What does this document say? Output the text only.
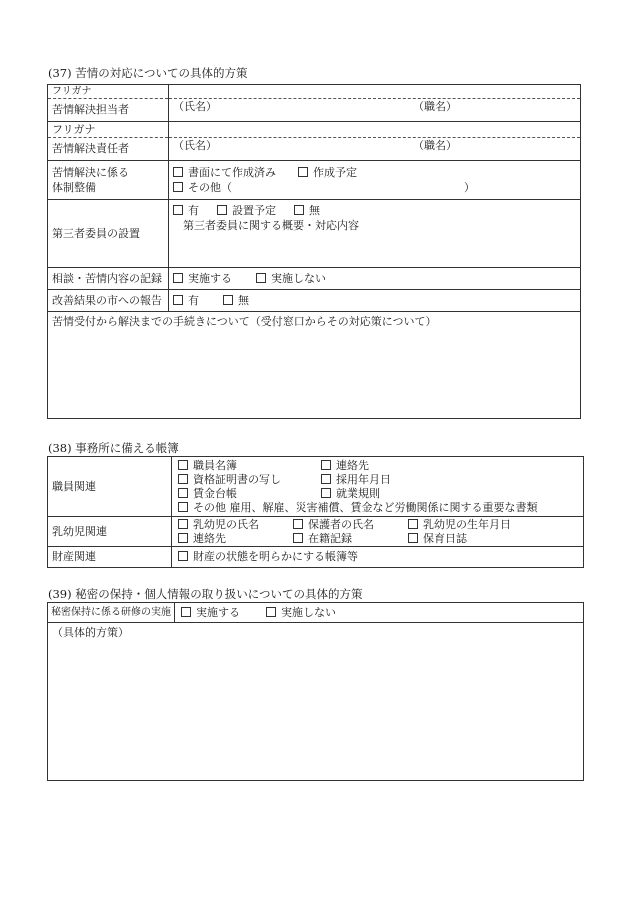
(37) 苦情の対応についての具体的方策
フリガナ	
苦情解決担当者	（氏名） （職名）
フリガナ	
苦情解決責任者	（氏名） （職名）

苦情解決に係る
体制整備	書面にて作成済み 作成予定
その他（ ）

第三者委員の設置	有 設置予定 無
第三者委員に関する概要・対応内容

相談・苦情内容の記録	実施する 実施しない
改善結果の市への報告	有 無
苦情受付から解決までの手続きについて（受付窓口からその対応策について）	
(38) 事務所に備える帳簿
職員関連	職員名簿 連絡先
資格証明書の写し 採用年月日
賃金台帳 就業規則
その他 雇用、解雇、災害補償、賃金など労働関係に関する重要な書類

乳幼児関連	乳幼児の氏名 保護者の氏名 乳幼児の生年月日
連絡先 在籍記録 保育日誌

財産関連	財産の状態を明らかにする帳簿等
(39) 秘密の保持・個人情報の取り扱いについての具体的方策
秘密保持に係る研修の実施	実施する	実施しない
（具体的方策）
